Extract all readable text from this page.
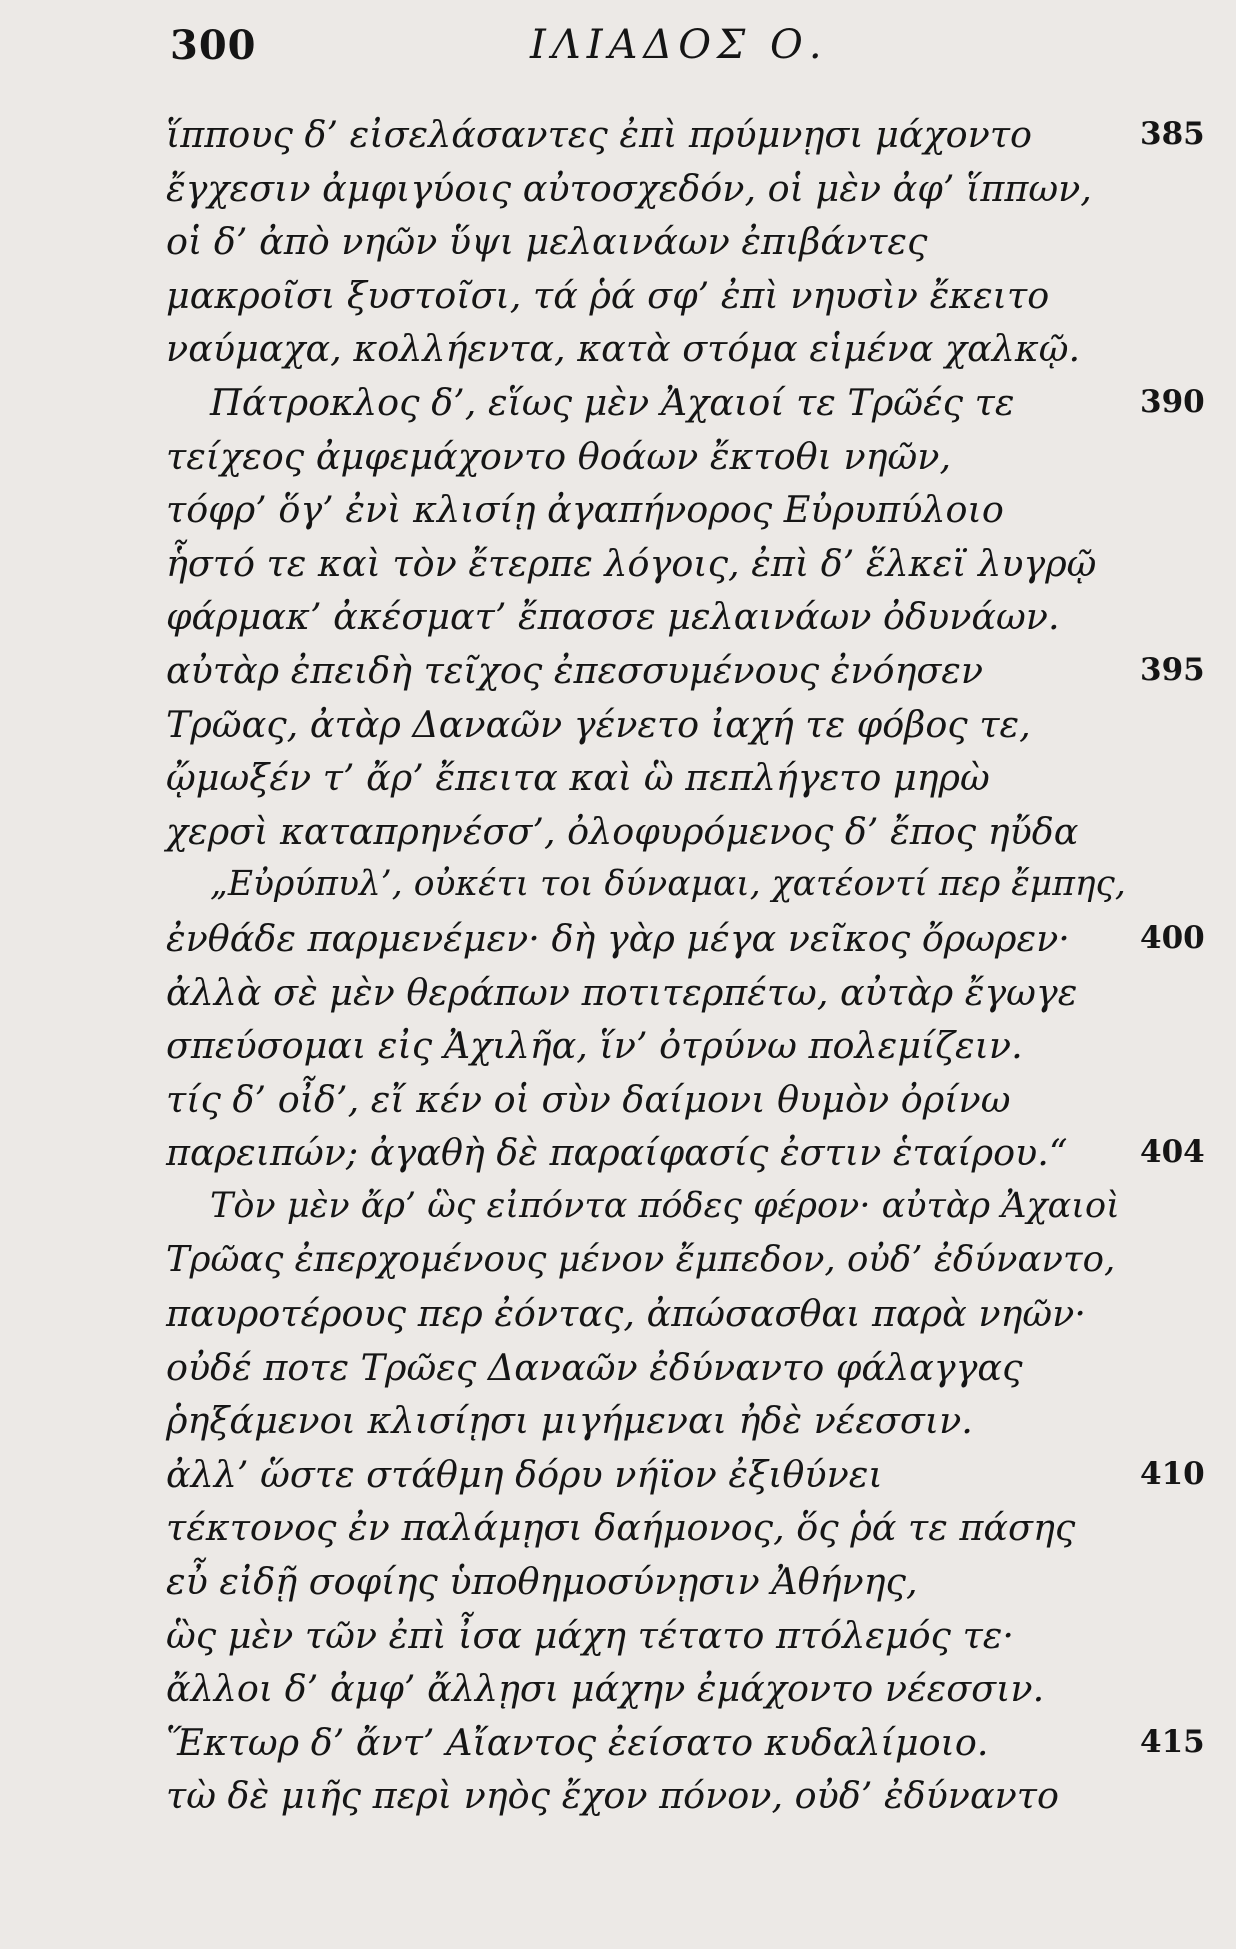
300	ΙΛΙΑΔΟΣ Ο.
ἵππους δ’ εἰσελάσαντες ἐπὶ πρύμνῃσι μάχοντο	385
ἔγχεσιν ἀμφιγύοις αὐτοσχεδόν, οἱ μὲν ἀφ’ ἵππων,
οἱ δ’ ἀπὸ νηῶν ὕψι μελαινάων ἐπιβάντες
μακροῖσι ξυστοῖσι, τά ῥά σφ’ ἐπὶ νηυσὶν ἔκειτο
ναύμαχα, κολλήεντα, κατὰ στόμα εἱμένα χαλκῷ.
Πάτροκλος δ’, εἵως μὲν Ἀχαιοί τε Τρῶές τε	390
τείχεος ἀμφεμάχοντο θοάων ἔκτοθι νηῶν,
τόφρ’ ὅγ’ ἐνὶ κλισίῃ ἀγαπήνορος Εὐρυπύλοιο
ἧστό τε καὶ τὸν ἔτερπε λόγοις, ἐπὶ δ’ ἕλκεϊ λυγρῷ
φάρμακ’ ἀκέσματ’ ἔπασσε μελαινάων ὀδυνάων.
αὐτὰρ ἐπειδὴ τεῖχος ἐπεσσυμένους ἐνόησεν	395
Τρῶας, ἀτὰρ Δαναῶν γένετο ἰαχή τε φόβος τε,
ᾤμωξέν τ’ ἄρ’ ἔπειτα καὶ ὣ πεπλήγετο μηρὼ
χερσὶ καταπρηνέσσ’, ὀλοφυρόμενος δ’ ἔπος ηὔδα
„Εὐρύπυλ’, οὐκέτι τοι δύναμαι, χατέοντί περ ἔμπης,
ἐνθάδε παρμενέμεν· δὴ γὰρ μέγα νεῖκος ὄρωρεν· 400
ἀλλὰ σὲ μὲν θεράπων ποτιτερπέτω, αὐτὰρ ἔγωγε
σπεύσομαι εἰς Ἀχιλῆα, ἵν’ ὀτρύνω πολεμίζειν.
τίς δ’ οἶδ’, εἴ κέν οἱ σὺν δαίμονι θυμὸν ὀρίνω
παρειπών; ἀγαθὴ δὲ παραίφασίς ἐστιν ἑταίρου.“ 404
Τὸν μὲν ἄρ’ ὣς εἰπόντα πόδες φέρον· αὐτὰρ Ἀχαιοὶ
Τρῶας ἐπερχομένους μένον ἔμπεδον, οὐδ’ ἐδύναντο,
παυροτέρους περ ἐόντας, ἀπώσασθαι παρὰ νηῶν·
οὐδέ ποτε Τρῶες Δαναῶν ἐδύναντο φάλαγγας
ῥηξάμενοι κλισίῃσι μιγήμεναι ἠδὲ νέεσσιν.
ἀλλ’ ὥστε στάθμη δόρυ νήϊον ἐξιθύνει	410
τέκτονος ἐν παλάμῃσι δαήμονος, ὅς ῥά τε πάσης
εὖ εἰδῇ σοφίης ὑποθημοσύνῃσιν Ἀθήνης,
ὣς μὲν τῶν ἐπὶ ἶσα μάχη τέτατο πτόλεμός τε·
ἄλλοι δ’ ἀμφ’ ἄλλῃσι μάχην ἐμάχοντο νέεσσιν.
Ἕκτωρ δ’ ἄντ’ Αἴαντος ἐείσατο κυδαλίμοιο.	415
τὼ δὲ μιῆς περὶ νηὸς ἔχον πόνον, οὐδ’ ἐδύναντο
